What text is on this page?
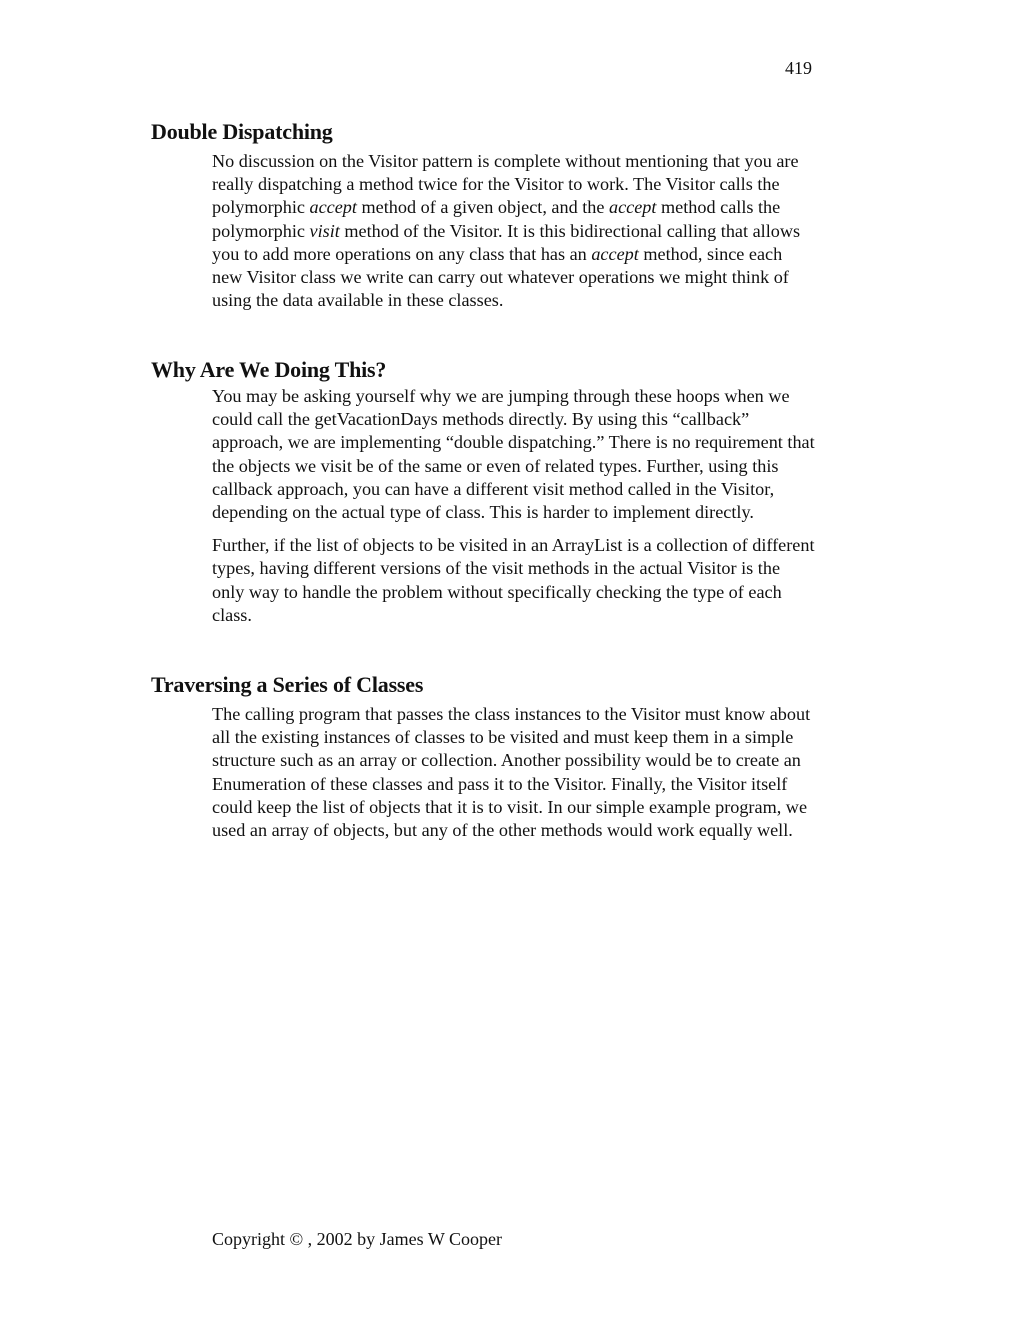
419
Double Dispatching

No discussion on the Visitor pattern is complete without mentioning that you are really dispatching a method twice for the Visitor to work. The Visitor calls the polymorphic accept method of a given object, and the accept method calls the polymorphic visit method of the Visitor. It is this bidirectional calling that allows you to add more operations on any class that has an accept method, since each new Visitor class we write can carry out whatever operations we might think of using the data available in these classes.

Why Are We Doing This?

You may be asking yourself why we are jumping through these hoops when we could call the getVacationDays methods directly. By using this “callback” approach, we are implementing “double dispatching.” There is no requirement that the objects we visit be of the same or even of related types. Further, using this callback approach, you can have a different visit method called in the Visitor, depending on the actual type of class. This is harder to implement directly.

Further, if the list of objects to be visited in an ArrayList is a collection of different types, having different versions of the visit methods in the actual Visitor is the only way to handle the problem without specifically checking the type of each class.

Traversing a Series of Classes

The calling program that passes the class instances to the Visitor must know about all the existing instances of classes to be visited and must keep them in a simple structure such as an array or collection. Another possibility would be to create an Enumeration of these classes and pass it to the Visitor. Finally, the Visitor itself could keep the list of objects that it is to visit. In our simple example program, we used an array of objects, but any of the other methods would work equally well.

Copyright © , 2002 by James W Cooper
